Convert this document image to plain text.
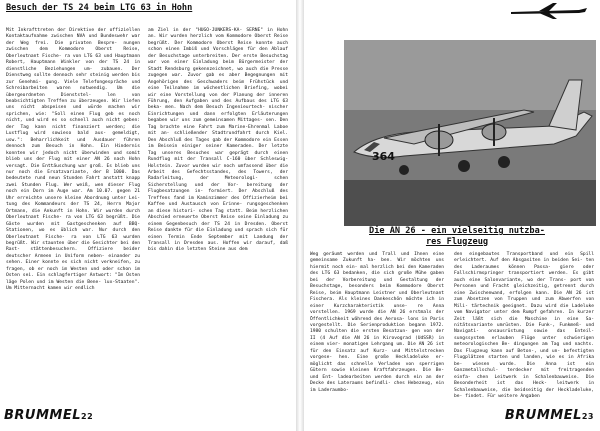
Besuch der TS 24 beim LTG 63 in Hohn
Mit Inkrafttreten der Direktive der offiziellen Kontaktaufnahme zwischen NVA und Bundeswehr war der Weg frei. Die privaten Bespre- nungen zwischen dem Kommodore Oberst Reise, Oberleutnant Fische- ra von LTG 63 und Hauptmann Robert, Hauptmann Winkler von der TS 24 in dienstliche Beziehungen um- zubauen. Der Dienstweg sollte dennoch sehr steinig werden bis zur Genehmi- gung. Viele Telefongespräche und Schreibarbeiten waren notwendig. Um die übergeordneten Dienststel- len von beabsichtigten Treffen zu überzeugen. Wir liefen uns nicht abspeisen und würde machen wir sprichen, wie: "Soll einen Flug geb es noch nicht, und wird es so schnell auch nicht geben: der Tag kann nicht finanziert werden; die Lustflug wird sowieso bald aus- gemeldigt, usw.": Beharrlichkeit und Ausdauer führen dennoch zum Besuch in Hohn. Ein Hindernis konnten wir jedoch nicht überwinden und somit blieb uns der Flug mit einer AN 26 nach Hohn versagt. Die Enttäuschung war groß. Es blieb uns nur noch die Ersatzvariante, der B 1000. Das bedeutete rund neun Stunden Fahrt anstatt knapp zwei Stunden Flug. Wer weiß, wen dieser Flug noch ein Dorn im Auge war. Am 10.07. gegen 21 Uhr erreichte unsere kleine Abordnung unter Lei- tung des Kommandeurs der TS 24, Herrn Major Ortmann, die Ankunft in Hohn. Wir wurden durch Oberleutnant Fische- ra von LTG 63 begrüßt. Die Gäste wurden mit Gastgeschenken auf BBQ- Stationen, wo es üblich war. Nur durch den Oberleutnant Fische- ra von LTG 63 wurden begrüßt. Wir staunten über die Gesichter bei den Rast- stättenbesuchern. Offiziere beider deutscher Armeen in Uniform neben- einander zu sehen. Einer konnte es sich nicht verkneifen, zu fragen, ob er noch im Westen und oder schon im Osten sei. Ein schlagfertiger Antwort: "Im Osten läge Polen und im Westen die Bene- lux-Staaten". Um Mitternacht kamen wir endlich
am Ziel in der "HUGO-JUNKERS-KA- SERNE" in Hohn an. Wir wurden herzlich vom Kommodore Oberst Reise begrüßt. Der Kommodore Oberst Reise konnte auch schon einen Imbiß und Vorschlägen für den Ablauf der Besuchstage unterbreiten. Der erste Besuchstag war von einer Einladung beim Bürgermeister der Stadt Rendsburg gekennzeichnet, wo auch die Presse zugegen war. Zuvor gab es aber Begegnungen mit Angehörigen des Geschwaders beim Frühstück und eine Teilnahme im wöchentlichen Briefing, wobei wir eine Vorstellung von der Planung der inneren Führung, den Aufgaben und des Aufbaus des LTG 63 beka- men. Nach dem Besuch Ingenieurtech- nischer Einrichtungen und dann erfolgten Erläuterungen begaben wir uns zum gemeinsamen Mittages- sen. Den Tag brachte eine Fahrt zum Marine-Ehrenmal Laboe mit an- schließender Stadtrundfahrt durch Kiel. Den Abschluß des Tages gab der Kommodore ein Essen im Beisein einiger seiner Kameraden. Der letzte Tag unseres Besuches war geprägt durch einen Rundflug mit der Transall C-160 über Schleswig-Holstein. Zuvor wurden wir noch umfassend über die Arbeit des Gefechtsstandes, des Towers, der Radarleitung, der Meteorologi- schen Sicherstellung und der Vor- bereitung der Flugbesatzungen in- formiert. Der Abschluß des Treffens fand im Kaminzimmer des Offizierheim bei Kaffee und Austausch von Erinne- rungsgeschenken an diese histori- schen Tag statt. Beim herzlichen Abschied erneuerte Oberst Reise seine Einladung zu einem Gegenbesuch der TS 24 in Dresden. Oberst Reise dankte für die Einladung und sprach sich für einen Termin Ende September mit Landung der Transall in Dresden aus. Hoffen wir darauf, daß bis dahin die letzten Steine aus dem
BRUMMEL22
364
Die AN 26 - ein vielseitig nutzba- res Flugzeug
Weg geräumt werden und Trall und Ihnen eine gemeinsame Zukunft ha- ben. Wir möchten uns hiermit noch ein- mal herzlich bei den Kameraden des LTG 63 bedanken, die sich große Mühe gaben bei der Vorbereitung und Gestaltung der Besuchstage, besonders beim Kommodore Oberst Reise, beim Hauptmann Leistner und Oberleutnant Fischera. Als kleines Dankeschön möchte ich in einer Kurzcharakteristik unse- re Anna vorstellen. 1969 wurde die AN 26 erstmals der Öffentlichkeit während des Aerosa- lons in Paris vorgestellt. Die Serienproduktion begann 1972. 1980 schulten die ersten Besatzun- gen von der II (4 Auf die AN 26 in Kirovograd (UdSSR) in einem vier- monatigen Lehrgang um. Die AN 26 ist für den Einsatz auf Kurz- und Mittelstrecken vorgese- hen. Eine große Heckladeluke er- möglicht das schnelle Verladen von sperrigen Gütern sowie kleinen Kraftfahrzeugen. Die Be- und Ent- ladearbeiten werden durch ein an der Decke des Lateraums befindli- ches Hebezeug, ein im Laderaumbo-
den eingebautes Transportband und ein Spill erleichtert. Auf den Absgasiten in beiden Sei- ten des Laderaumes können Passa- giere oder Fallschirmspringer transportiert werden. Es gibt auch eine Salonvariante, wo der Trans- port von Personen und Fracht gleichzeitig, getrennt durch eine Zwischenwand, erfolgen kann. Die AN 26 ist zum Absetzen von Truppen und zum Abwerfen von Mili- tärtechnik geeignet. Dazu wird die Ladeluke vom Navigator unter dem Rumpf gefahren. In kurzer Zeit läßt sich die Maschine in eine Sa- nitätsvariante umrüsten. Die Funk-, Funkmeß- und Navigati- onsausrüstung sowie das Enteil- sungssystem erlauben Flüge unter schwierigen meteorologischen Be- dingungen am Tag und nachts. Das Flugzeug kann auf Beton-, und un- befestigten Flugplätzen starten und landen, wie es in Afrika be- wiesen wurde. Die Anna ist ein Ganzmetallschul- terdecker mit freitragenden einfa- chen Leitwerk in Schalenbauweise. Die Besonderheit ist das Heck- leitwerk in Schalenbauweise, die beidseitig der Heckladeluke, be- findet. Für weitere Angaben
BRUMMEL23
